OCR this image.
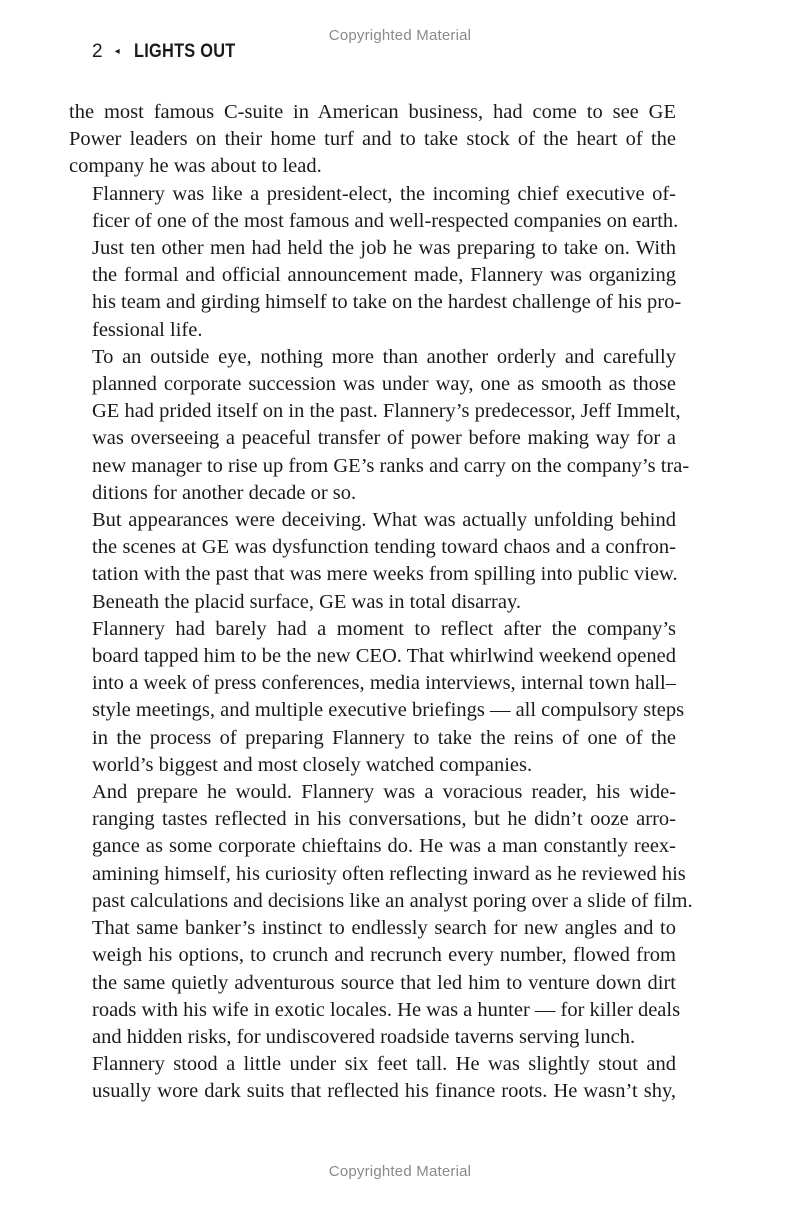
Copyrighted Material
2 ◂ LIGHTS OUT

the most famous C-suite in American business, had come to see GE
Power leaders on their home turf and to take stock of the heart of the
company he was about to lead.

Flannery was like a president-elect, the incoming chief executive of-
ficer of one of the most famous and well-respected companies on earth.
Just ten other men had held the job he was preparing to take on. With
the formal and official announcement made, Flannery was organizing
his team and girding himself to take on the hardest challenge of his pro-
fessional life.

To an outside eye, nothing more than another orderly and carefully
planned corporate succession was under way, one as smooth as those
GE had prided itself on in the past. Flannery’s predecessor, Jeff Immelt,
was overseeing a peaceful transfer of power before making way for a
new manager to rise up from GE’s ranks and carry on the company’s tra-
ditions for another decade or so.

But appearances were deceiving. What was actually unfolding behind
the scenes at GE was dysfunction tending toward chaos and a confron-
tation with the past that was mere weeks from spilling into public view.
Beneath the placid surface, GE was in total disarray.

Flannery had barely had a moment to reflect after the company’s
board tapped him to be the new CEO. That whirlwind weekend opened
into a week of press conferences, media interviews, internal town hall–
style meetings, and multiple executive briefings — all compulsory steps
in the process of preparing Flannery to take the reins of one of the
world’s biggest and most closely watched companies.

And prepare he would. Flannery was a voracious reader, his wide-
ranging tastes reflected in his conversations, but he didn’t ooze arro-
gance as some corporate chieftains do. He was a man constantly reex-
amining himself, his curiosity often reflecting inward as he reviewed his
past calculations and decisions like an analyst poring over a slide of film.

That same banker’s instinct to endlessly search for new angles and to
weigh his options, to crunch and recrunch every number, flowed from
the same quietly adventurous source that led him to venture down dirt
roads with his wife in exotic locales. He was a hunter — for killer deals
and hidden risks, for undiscovered roadside taverns serving lunch.

Flannery stood a little under six feet tall. He was slightly stout and
usually wore dark suits that reflected his finance roots. He wasn’t shy,

Copyrighted Material
